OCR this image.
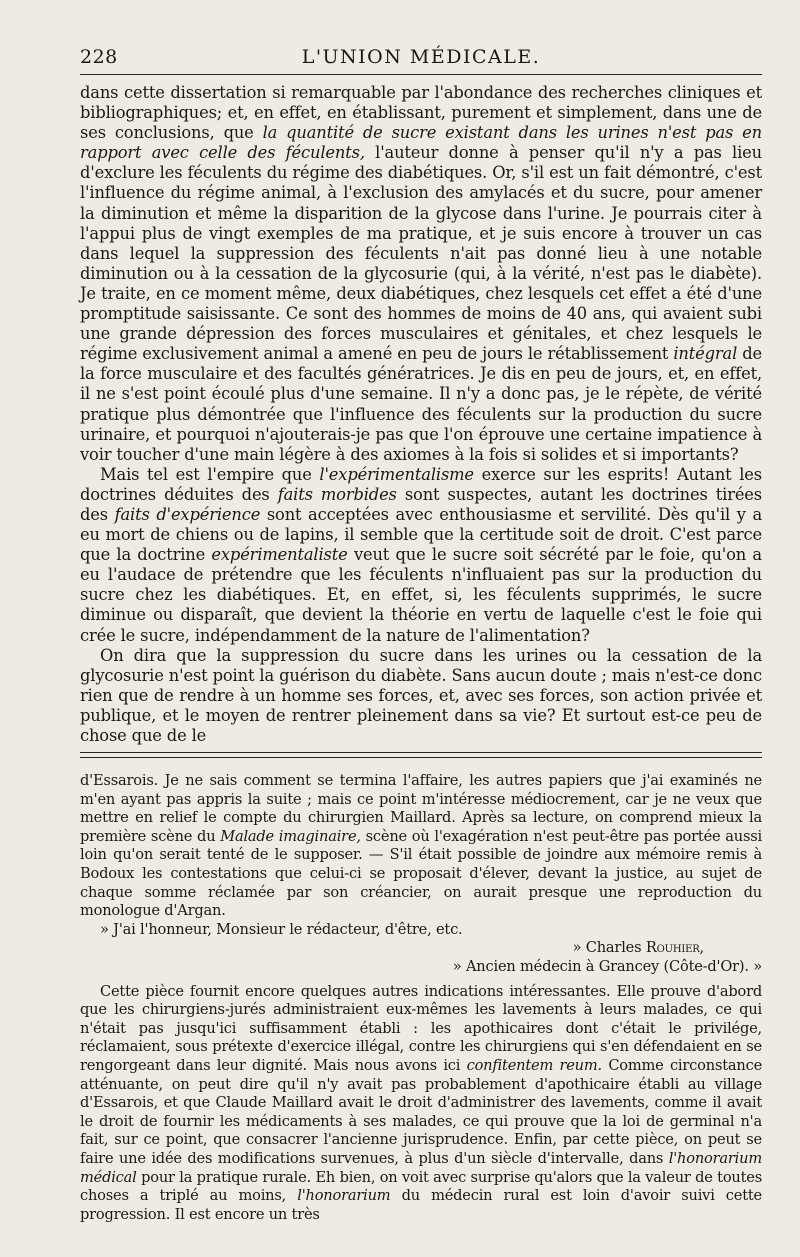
228	L'UNION MÉDICALE.

dans cette dissertation si remarquable par l'abondance des recherches cliniques et bibliographiques; et, en effet, en établissant, purement et simplement, dans une de ses conclusions, que la quantité de sucre existant dans les urines n'est pas en rapport avec celle des féculents, l'auteur donne à penser qu'il n'y a pas lieu d'exclure les féculents du régime des diabétiques. Or, s'il est un fait démontré, c'est l'influence du régime animal, à l'exclusion des amylacés et du sucre, pour amener la diminution et même la disparition de la glycose dans l'urine. Je pourrais citer à l'appui plus de vingt exemples de ma pratique, et je suis encore à trouver un cas dans lequel la suppression des féculents n'ait pas donné lieu à une notable diminution ou à la cessation de la glycosurie (qui, à la vérité, n'est pas le diabète). Je traite, en ce moment même, deux diabétiques, chez lesquels cet effet a été d'une promptitude saisissante. Ce sont des hommes de moins de 40 ans, qui avaient subi une grande dépression des forces musculaires et génitales, et chez lesquels le régime exclusivement animal a amené en peu de jours le rétablissement intégral de la force musculaire et des facultés génératrices. Je dis en peu de jours, et, en effet, il ne s'est point écoulé plus d'une semaine. Il n'y a donc pas, je le répète, de vérité pratique plus démontrée que l'influence des féculents sur la production du sucre urinaire, et pourquoi n'ajouterais-je pas que l'on éprouve une certaine impatience à voir toucher d'une main légère à des axiomes à la fois si solides et si importants?

Mais tel est l'empire que l'expérimentalisme exerce sur les esprits! Autant les doctrines déduites des faits morbides sont suspectes, autant les doctrines tirées des faits d'expérience sont acceptées avec enthousiasme et servilité. Dès qu'il y a eu mort de chiens ou de lapins, il semble que la certitude soit de droit. C'est parce que la doctrine expérimentaliste veut que le sucre soit sécrété par le foie, qu'on a eu l'audace de prétendre que les féculents n'influaient pas sur la production du sucre chez les diabétiques. Et, en effet, si, les féculents supprimés, le sucre diminue ou disparaît, que devient la théorie en vertu de laquelle c'est le foie qui crée le sucre, indépendamment de la nature de l'alimentation?

On dira que la suppression du sucre dans les urines ou la cessation de la glycosurie n'est point la guérison du diabète. Sans aucun doute ; mais n'est-ce donc rien que de rendre à un homme ses forces, et, avec ses forces, son action privée et publique, et le moyen de rentrer pleinement dans sa vie? Et surtout est-ce peu de chose que de le

d'Essarois. Je ne sais comment se termina l'affaire, les autres papiers que j'ai examinés ne m'en ayant pas appris la suite ; mais ce point m'intéresse médiocrement, car je ne veux que mettre en relief le compte du chirurgien Maillard. Après sa lecture, on comprend mieux la première scène du Malade imaginaire, scène où l'exagération n'est peut-être pas portée aussi loin qu'on serait tenté de le supposer. — S'il était possible de joindre aux mémoire remis à Bodoux les contestations que celui-ci se proposait d'élever, devant la justice, au sujet de chaque somme réclamée par son créancier, on aurait presque une reproduction du monologue d'Argan.

» J'ai l'honneur, Monsieur le rédacteur, d'être, etc.

» Charles Rouhier,

» Ancien médecin à Grancey (Côte-d'Or). »

Cette pièce fournit encore quelques autres indications intéressantes. Elle prouve d'abord que les chirurgiens-jurés administraient eux-mêmes les lavements à leurs malades, ce qui n'était pas jusqu'ici suffisamment établi : les apothicaires dont c'était le privilége, réclamaient, sous prétexte d'exercice illégal, contre les chirurgiens qui s'en défendaient en se rengorgeant dans leur dignité. Mais nous avons ici confitentem reum. Comme circonstance atténuante, on peut dire qu'il n'y avait pas probablement d'apothicaire établi au village d'Essarois, et que Claude Maillard avait le droit d'administrer des lavements, comme il avait le droit de fournir les médicaments à ses malades, ce qui prouve que la loi de germinal n'a fait, sur ce point, que consacrer l'ancienne jurisprudence. Enfin, par cette pièce, on peut se faire une idée des modifications survenues, à plus d'un siècle d'intervalle, dans l'honorarium médical pour la pratique rurale. Eh bien, on voit avec surprise qu'alors que la valeur de toutes choses a triplé au moins, l'honorarium du médecin rural est loin d'avoir suivi cette progression. Il est encore un très
